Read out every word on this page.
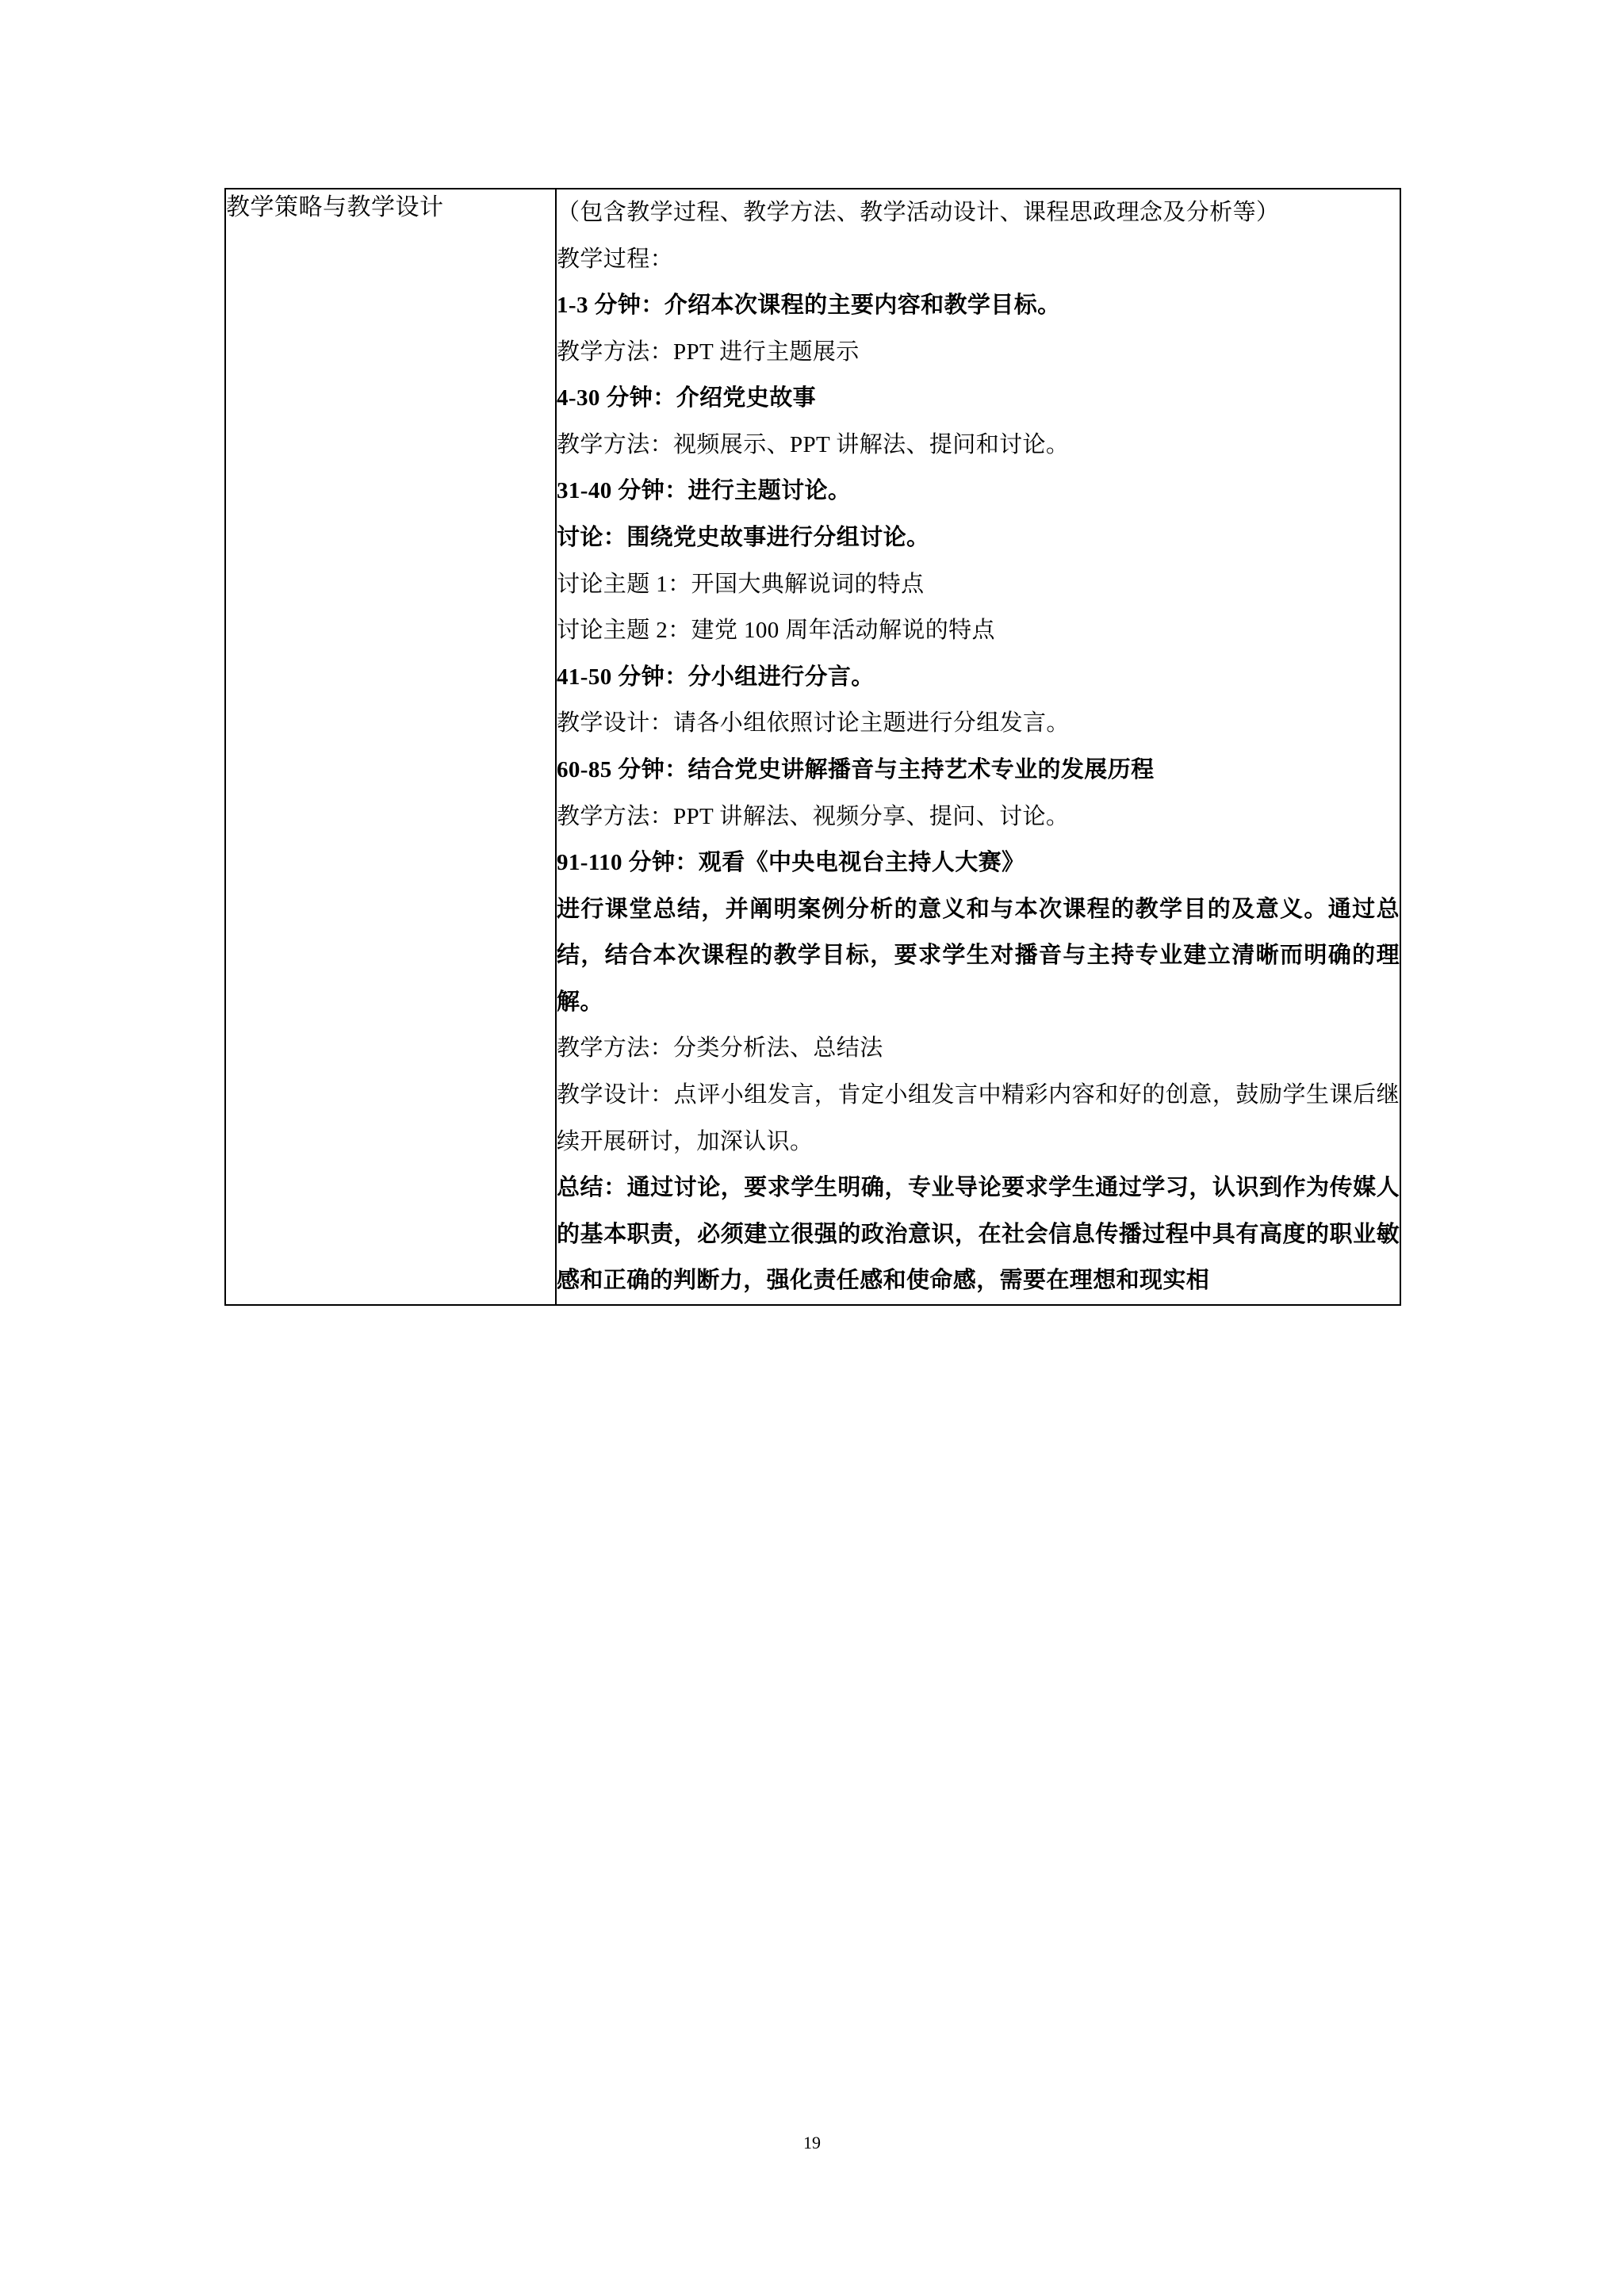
教学策略与教学设计	（包含教学过程、教学方法、教学活动设计、课程思政理念及分析等）

教学过程：

1-3 分钟：介绍本次课程的主要内容和教学目标。

教学方法：PPT 进行主题展示

4-30 分钟：介绍党史故事

教学方法：视频展示、PPT 讲解法、提问和讨论。

31-40 分钟：进行主题讨论。

讨论：围绕党史故事进行分组讨论。

讨论主题 1：开国大典解说词的特点

讨论主题 2：建党 100 周年活动解说的特点

41-50 分钟：分小组进行分言。

教学设计：请各小组依照讨论主题进行分组发言。

60-85 分钟：结合党史讲解播音与主持艺术专业的发展历程

教学方法：PPT 讲解法、视频分享、提问、讨论。

91-110 分钟：观看《中央电视台主持人大赛》

进行课堂总结，并阐明案例分析的意义和与本次课程的教学目的及意义。通过总结，结合本次课程的教学目标，要求学生对播音与主持专业建立清晰而明确的理解。

教学方法：分类分析法、总结法

教学设计：点评小组发言，肯定小组发言中精彩内容和好的创意，鼓励学生课后继续开展研讨，加深认识。

总结：通过讨论，要求学生明确，专业导论要求学生通过学习，认识到作为传媒人的基本职责，必须建立很强的政治意识，在社会信息传播过程中具有高度的职业敏感和正确的判断力，强化责任感和使命感，需要在理想和现实相

19
